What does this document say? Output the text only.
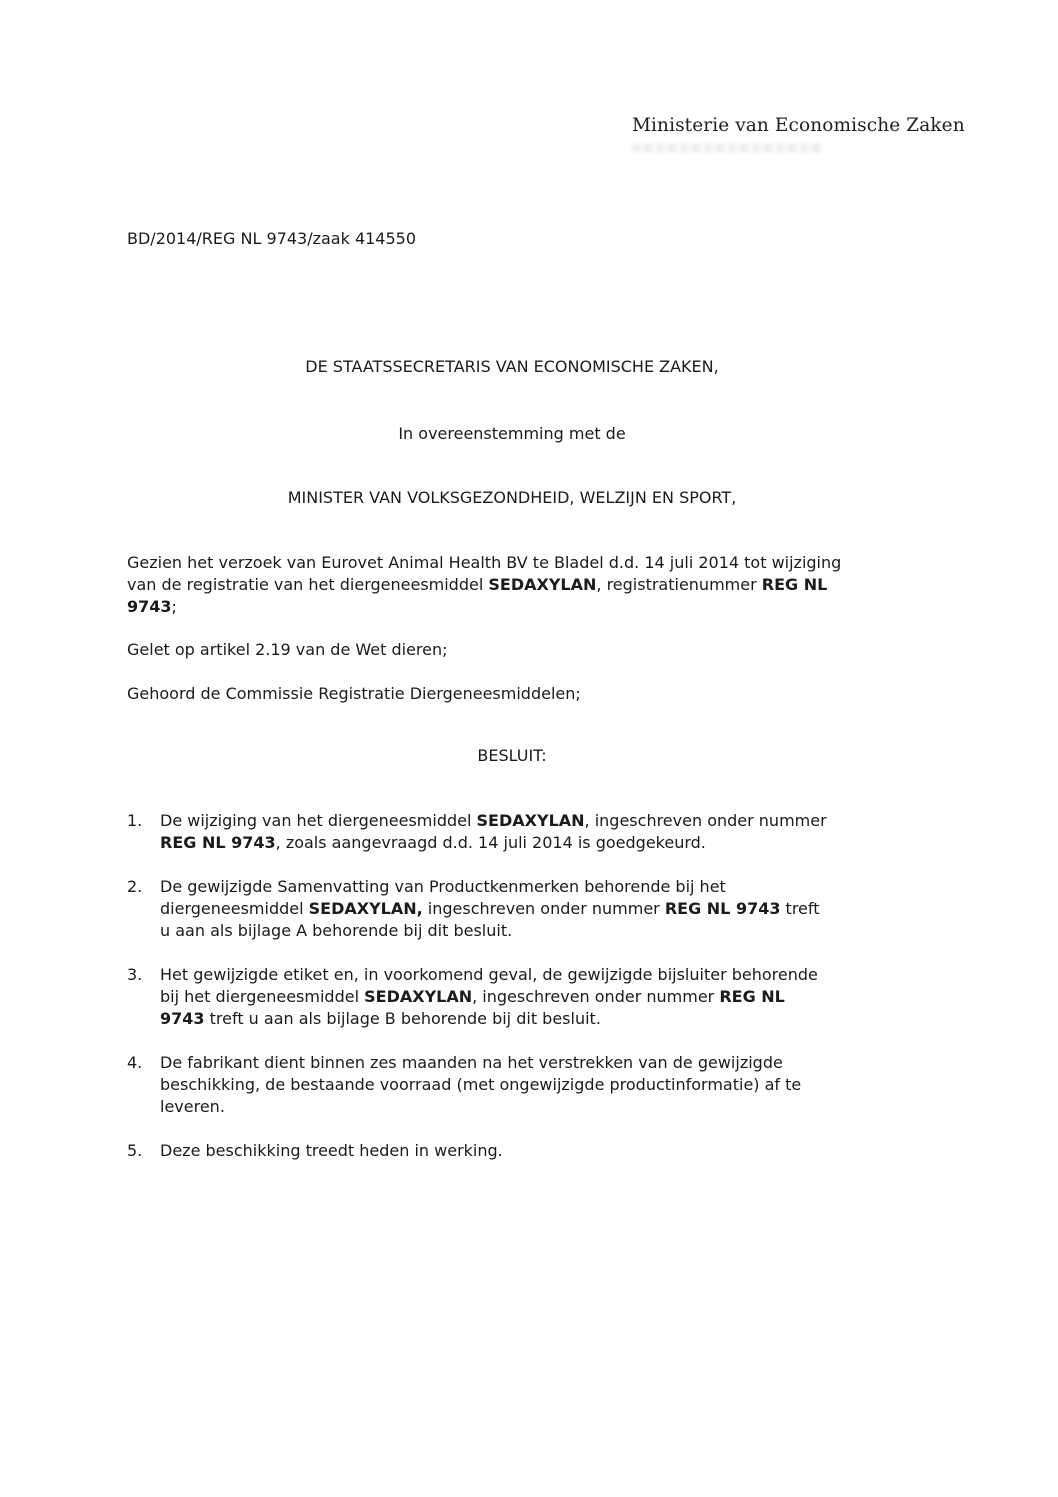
Ministerie van Economische Zaken

BD/2014/REG NL 9743/zaak 414550

DE STAATSSECRETARIS VAN ECONOMISCHE ZAKEN,

In overeenstemming met de

MINISTER VAN VOLKSGEZONDHEID, WELZIJN EN SPORT,

Gezien het verzoek van Eurovet Animal Health BV te Bladel d.d. 14 juli 2014 tot wijziging
van de registratie van het diergeneesmiddel SEDAXYLAN, registratienummer REG NL
9743;

Gelet op artikel 2.19 van de Wet dieren;

Gehoord de Commissie Registratie Diergeneesmiddelen;

BESLUIT:

1.	De wijziging van het diergeneesmiddel SEDAXYLAN, ingeschreven onder nummer
REG NL 9743, zoals aangevraagd d.d. 14 juli 2014 is goedgekeurd.
2.	De gewijzigde Samenvatting van Productkenmerken behorende bij het
diergeneesmiddel SEDAXYLAN, ingeschreven onder nummer REG NL 9743 treft
u aan als bijlage A behorende bij dit besluit.
3.	Het gewijzigde etiket en, in voorkomend geval, de gewijzigde bijsluiter behorende
bij het diergeneesmiddel SEDAXYLAN, ingeschreven onder nummer REG NL
9743 treft u aan als bijlage B behorende bij dit besluit.
4.	De fabrikant dient binnen zes maanden na het verstrekken van de gewijzigde
beschikking, de bestaande voorraad (met ongewijzigde productinformatie) af te
leveren.
5.	Deze beschikking treedt heden in werking.
